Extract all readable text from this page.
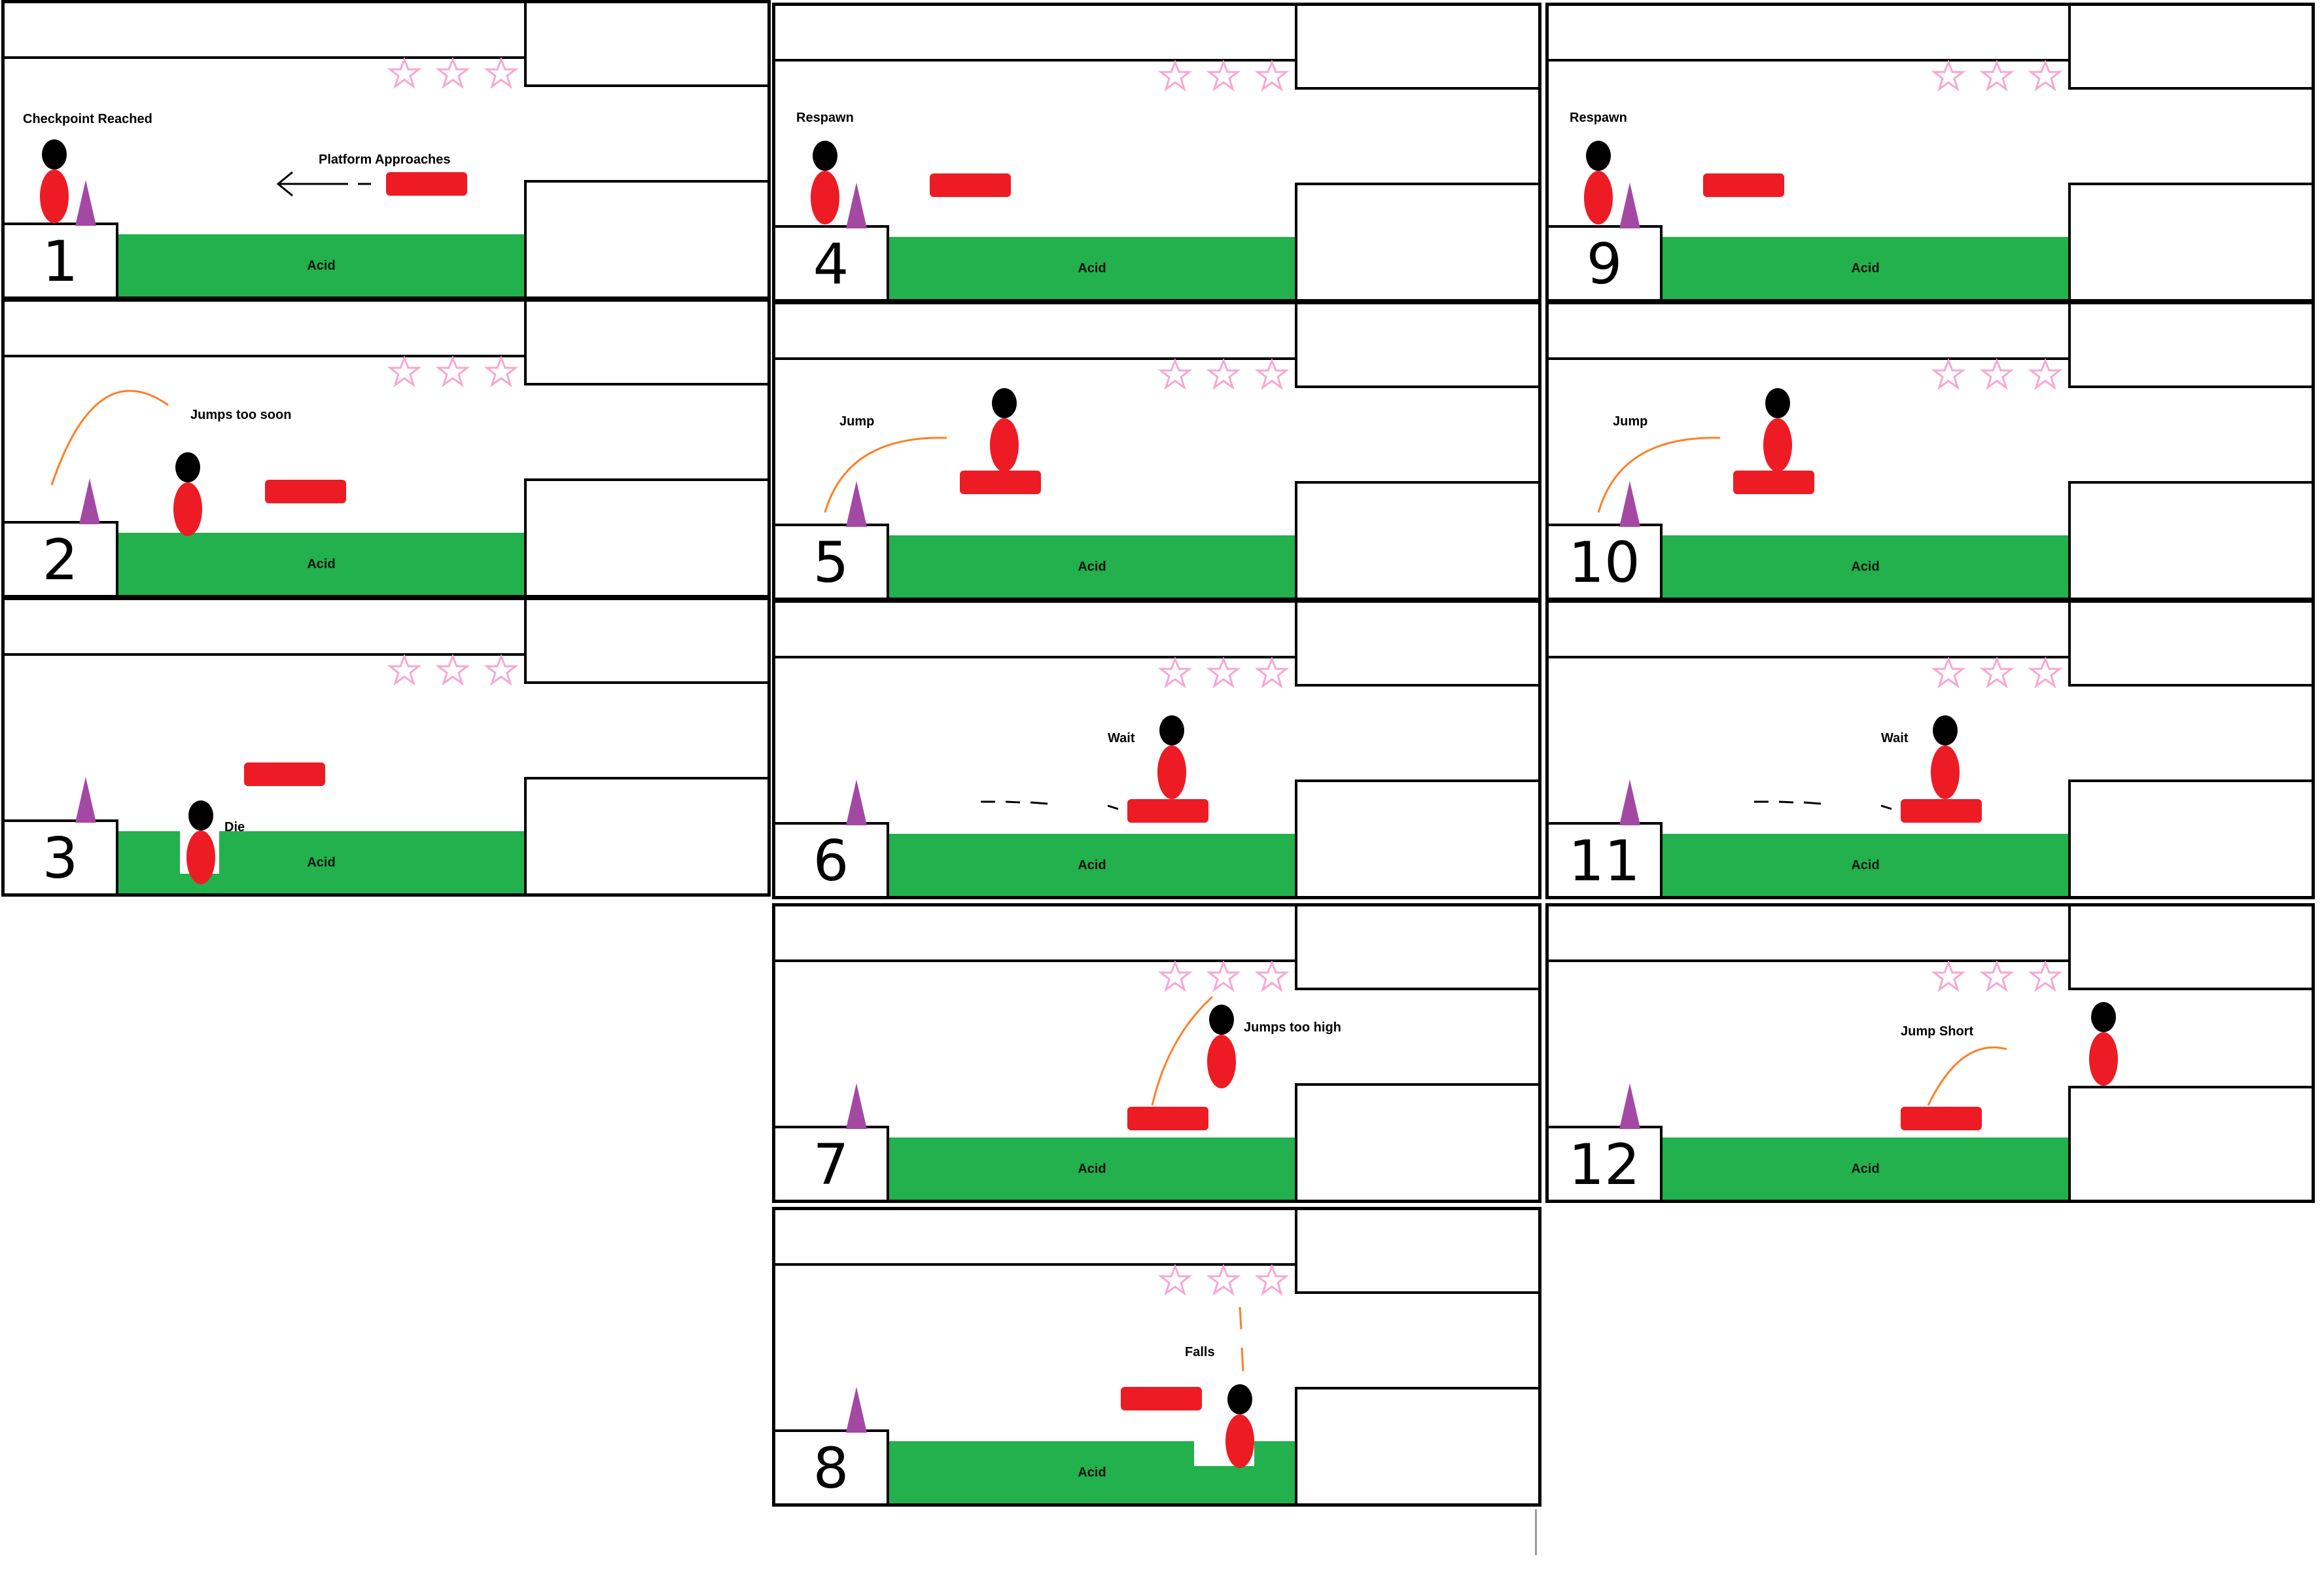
Acid
1
Checkpoint Reached
Platform Approaches
Acid
2
Jumps too soon
Acid
3	Die
Acid
4
Respawn
Acid
5
Jump
Acid
6
Wait
Acid
7
Jumps too high
Acid
8
Falls
Acid
9
Respawn
Acid
10
Jump
Acid
11
Wait
Acid
12
Jump Short
